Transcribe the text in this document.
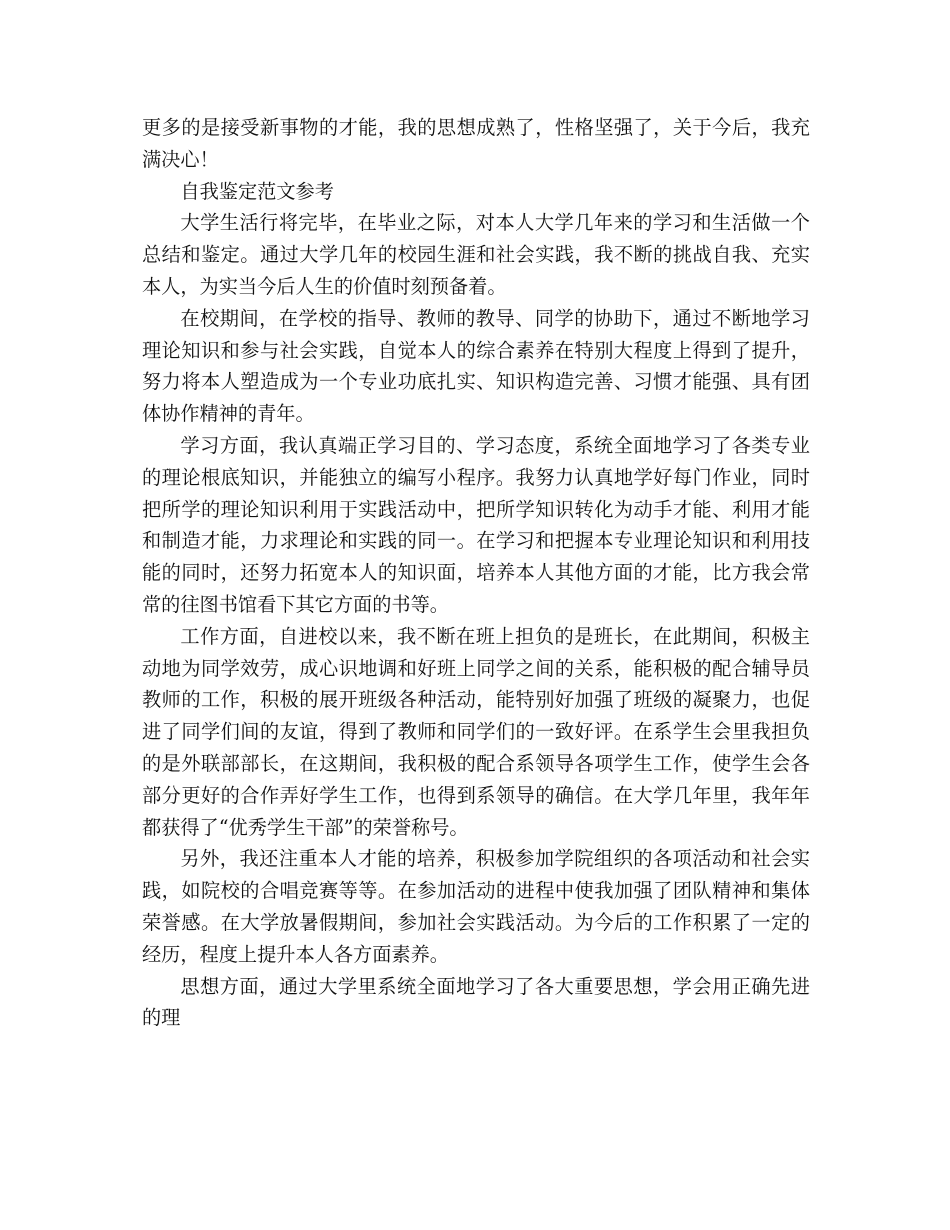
更多的是接受新事物的才能，我的思想成熟了，性格坚强了，关于今后，我充满决心！

自我鉴定范文参考

大学生活行将完毕，在毕业之际，对本人大学几年来的学习和生活做一个总结和鉴定。通过大学几年的校园生涯和社会实践，我不断的挑战自我、充实本人，为实当今后人生的价值时刻预备着。

在校期间，在学校的指导、教师的教导、同学的协助下，通过不断地学习理论知识和参与社会实践，自觉本人的综合素养在特别大程度上得到了提升，努力将本人塑造成为一个专业功底扎实、知识构造完善、习惯才能强、具有团体协作精神的青年。

学习方面，我认真端正学习目的、学习态度，系统全面地学习了各类专业的理论根底知识，并能独立的编写小程序。我努力认真地学好每门作业，同时把所学的理论知识利用于实践活动中，把所学知识转化为动手才能、利用才能和制造才能，力求理论和实践的同一。在学习和把握本专业理论知识和利用技能的同时，还努力拓宽本人的知识面，培养本人其他方面的才能，比方我会常常的往图书馆看下其它方面的书等。

工作方面，自进校以来，我不断在班上担负的是班长，在此期间，积极主动地为同学效劳，成心识地调和好班上同学之间的关系，能积极的配合辅导员教师的工作，积极的展开班级各种活动，能特别好加强了班级的凝聚力，也促进了同学们间的友谊，得到了教师和同学们的一致好评。在系学生会里我担负的是外联部部长，在这期间，我积极的配合系领导各项学生工作，使学生会各部分更好的合作弄好学生工作，也得到系领导的确信。在大学几年里，我年年都获得了“优秀学生干部”的荣誉称号。

另外，我还注重本人才能的培养，积极参加学院组织的各项活动和社会实践，如院校的合唱竞赛等等。在参加活动的进程中使我加强了团队精神和集体荣誉感。在大学放暑假期间，参加社会实践活动。为今后的工作积累了一定的经历，程度上提升本人各方面素养。

思想方面，通过大学里系统全面地学习了各大重要思想，学会用正确先进的理
